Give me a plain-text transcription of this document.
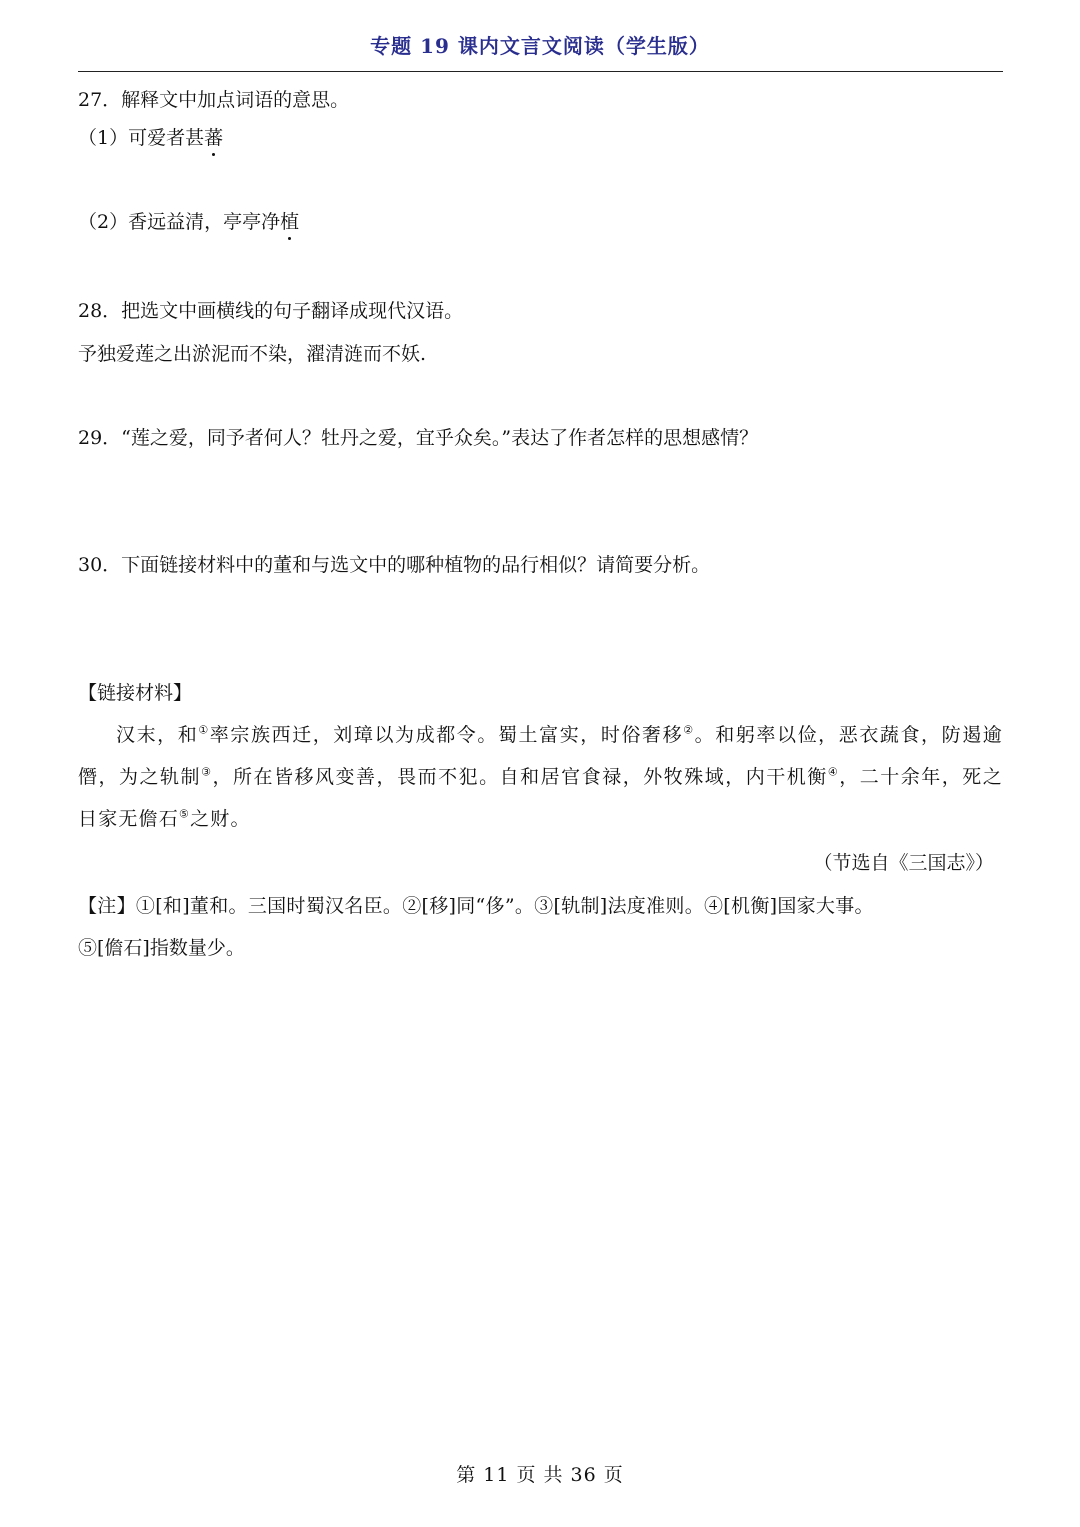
专题 19 课内文言文阅读（学生版）
27．解释文中加点词语的意思。
（1）可爱者甚蕃
（2）香远益清，亭亭净植
28．把选文中画横线的句子翻译成现代汉语。
予独爱莲之出淤泥而不染，濯清涟而不妖.
29．“莲之爱，同予者何人？牡丹之爱，宜乎众矣。”表达了作者怎样的思想感情？
30．下面链接材料中的董和与选文中的哪种植物的品行相似？请简要分析。
【链接材料】
汉末，和①率宗族西迁，刘璋以为成都令。蜀土富实，时俗奢移②。和躬率以俭，恶衣蔬食，防遏逾僭，为之轨制③，所在皆移风变善，畏而不犯。自和居官食禄，外牧殊域，内干机衡④，二十余年，死之日家无儋石⑤之财。
（节选自《三国志》）
【注】①[和]董和。三国时蜀汉名臣。②[移]同“侈”。③[轨制]法度准则。④[机衡]国家大事。
⑤[儋石]指数量少。
第 11 页 共 36 页
